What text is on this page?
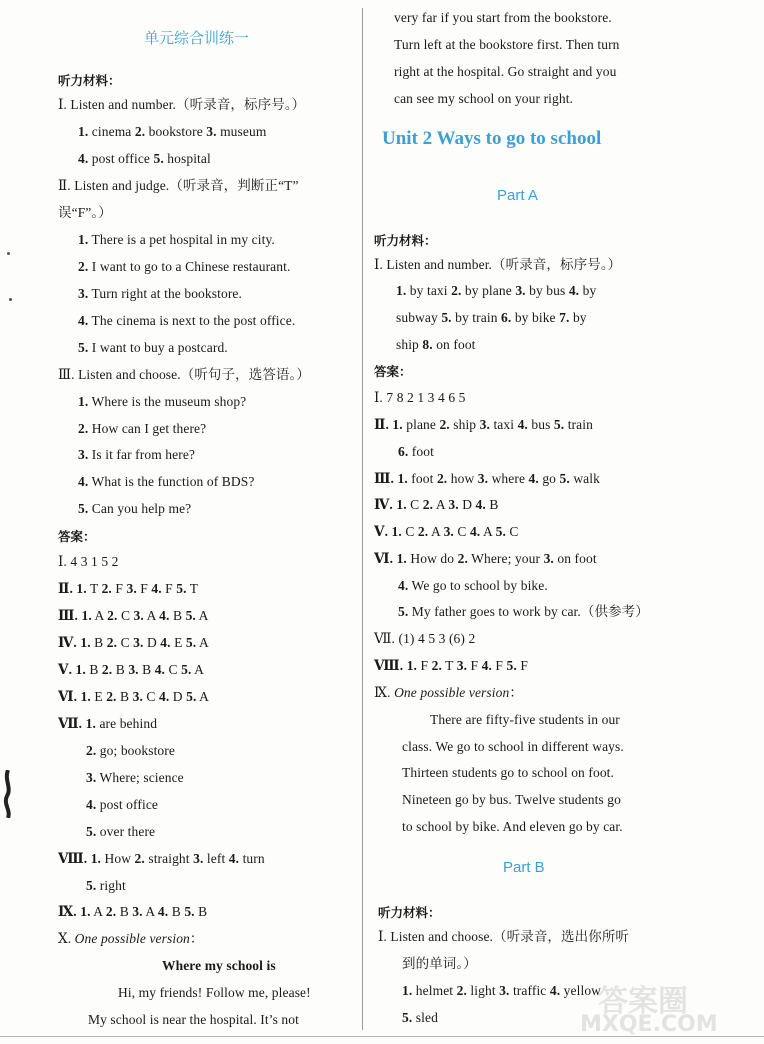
单元综合训练一
听力材料：
Ⅰ. Listen and number.（听录音，标序号。）
1. cinema 2. bookstore 3. museum
4. post office 5. hospital
Ⅱ. Listen and judge.（听录音，判断正“T”
误“F”。）
1. There is a pet hospital in my city.
2. I want to go to a Chinese restaurant.
3. Turn right at the bookstore.
4. The cinema is next to the post office.
5. I want to buy a postcard.
Ⅲ. Listen and choose.（听句子，选答语。）
1. Where is the museum shop?
2. How can I get there?
3. Is it far from here?
4. What is the function of BDS?
5. Can you help me?
答案：
Ⅰ. 4 3 1 5 2
Ⅱ. 1. T 2. F 3. F 4. F 5. T
Ⅲ. 1. A 2. C 3. A 4. B 5. A
Ⅳ. 1. B 2. C 3. D 4. E 5. A
Ⅴ. 1. B 2. B 3. B 4. C 5. A
Ⅵ. 1. E 2. B 3. C 4. D 5. A
Ⅶ. 1. are behind
2. go; bookstore
3. Where; science
4. post office
5. over there
Ⅷ. 1. How 2. straight 3. left 4. turn
5. right
Ⅸ. 1. A 2. B 3. A 4. B 5. B
Ⅹ. One possible version：
Where my school is
Hi, my friends! Follow me, please!
My school is near the hospital. It’s not
very far if you start from the bookstore.
Turn left at the bookstore first. Then turn
right at the hospital. Go straight and you
can see my school on your right.
Unit 2 Ways to go to school
Part A
听力材料：
Ⅰ. Listen and number.（听录音，标序号。）
1. by taxi 2. by plane 3. by bus 4. by
subway 5. by train 6. by bike 7. by
ship 8. on foot
答案：
Ⅰ. 7 8 2 1 3 4 6 5
Ⅱ. 1. plane 2. ship 3. taxi 4. bus 5. train
6. foot
Ⅲ. 1. foot 2. how 3. where 4. go 5. walk
Ⅳ. 1. C 2. A 3. D 4. B
Ⅴ. 1. C 2. A 3. C 4. A 5. C
Ⅵ. 1. How do 2. Where; your 3. on foot
4. We go to school by bike.
5. My father goes to work by car.（供参考）
Ⅶ. (1) 4 5 3 (6) 2
Ⅷ. 1. F 2. T 3. F 4. F 5. F
Ⅸ. One possible version：
There are fifty-five students in our
class. We go to school in different ways.
Thirteen students go to school on foot.
Nineteen go by bus. Twelve students go
to school by bike. And eleven go by car.
Part B
听力材料：
Ⅰ. Listen and choose.（听录音，选出你所听
到的单词。）
1. helmet 2. light 3. traffic 4. yellow
5. sled	答案圈
MXQE.COM
